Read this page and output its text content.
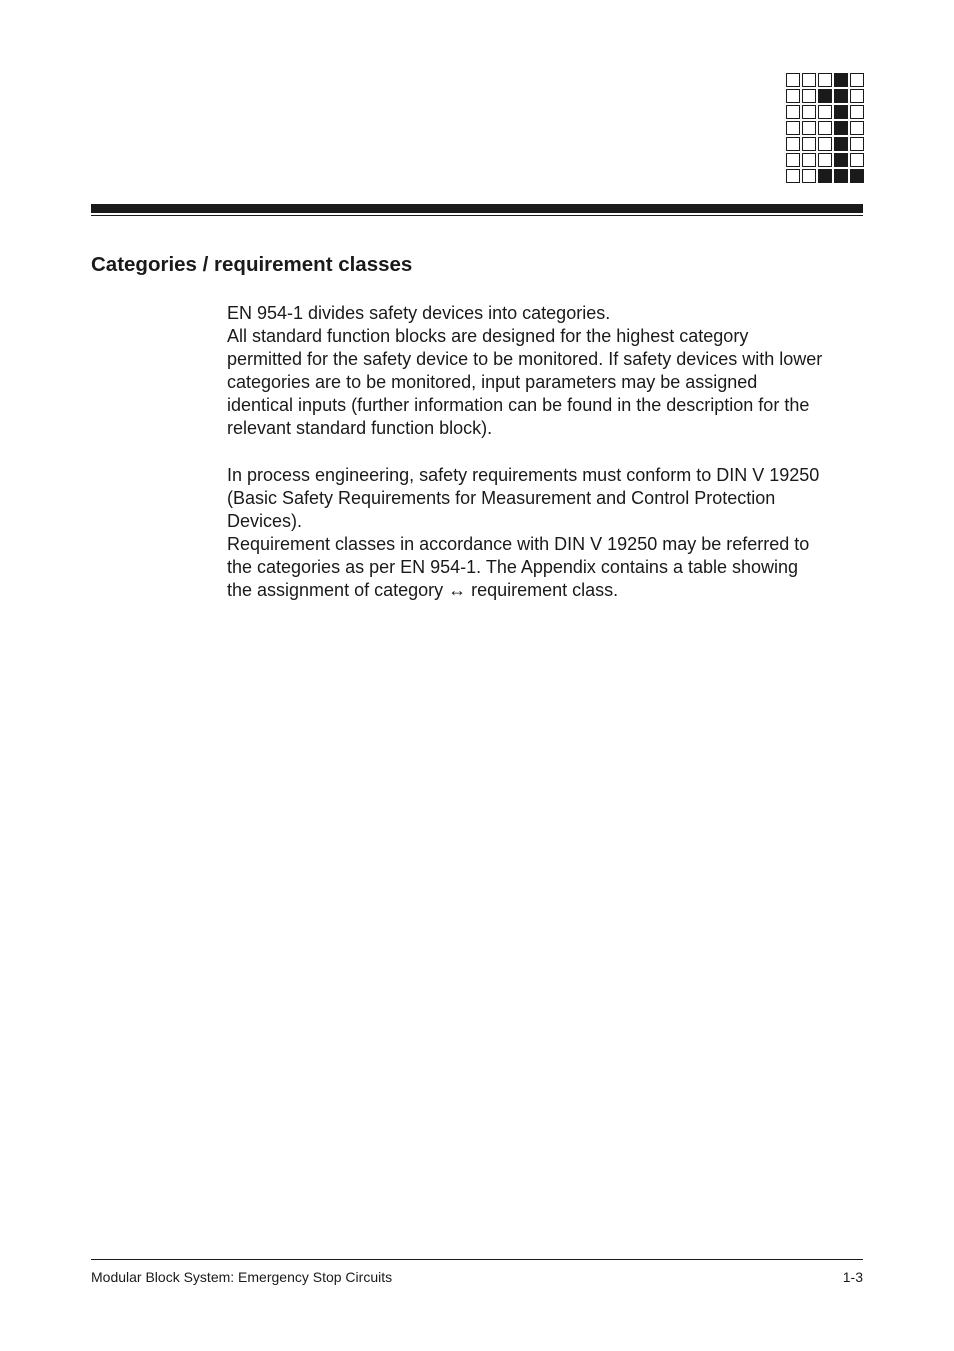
Categories / requirement classes

EN 954-1 divides safety devices into categories.
All standard function blocks are designed for the highest category
permitted for the safety device to be monitored. If safety devices with lower
categories are to be monitored, input parameters may be assigned
identical inputs (further information can be found in the description for the
relevant standard function block).

In process engineering, safety requirements must conform to DIN V 19250
(Basic Safety Requirements for Measurement and Control Protection
Devices).
Requirement classes in accordance with DIN V 19250 may be referred to
the categories as per EN 954-1. The Appendix contains a table showing
the assignment of category ↔ requirement class.

Modular Block System: Emergency Stop Circuits	1-3
